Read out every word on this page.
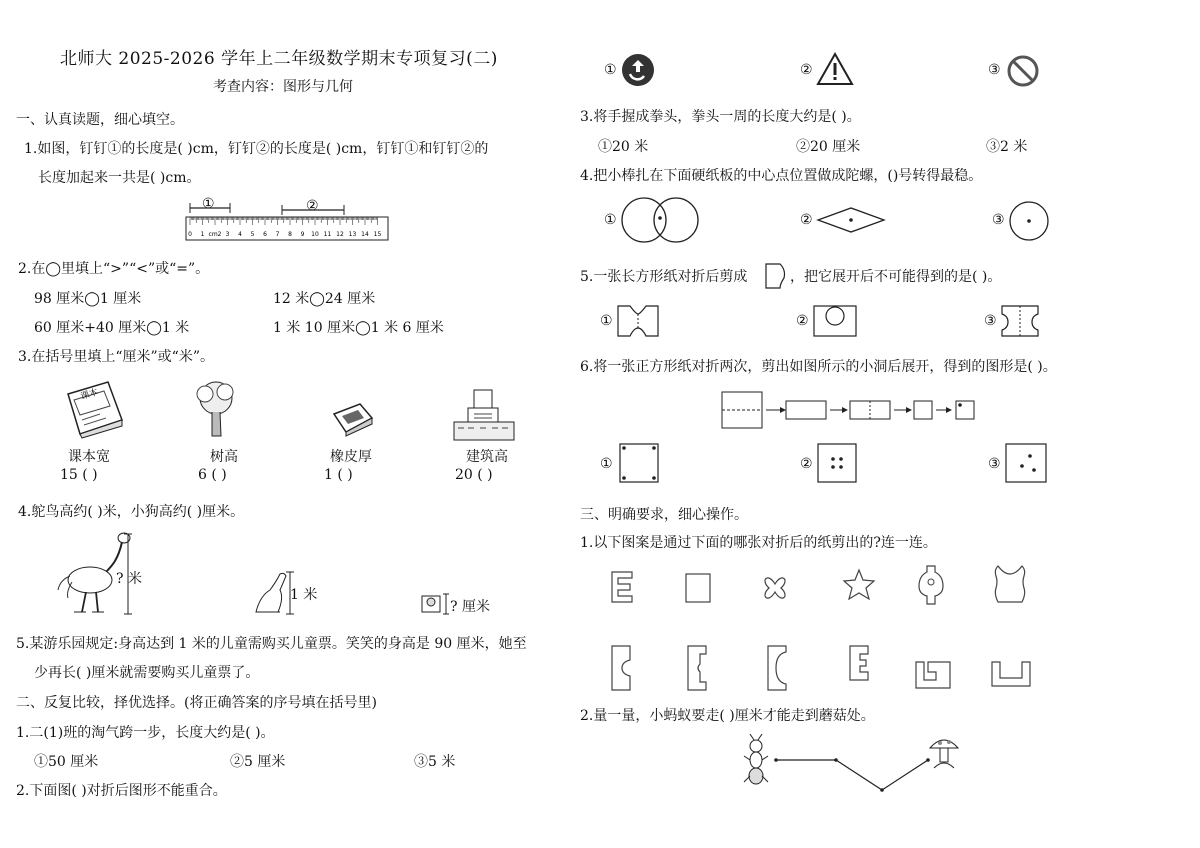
北师大 2025-2026 学年上二年级数学期末专项复习(二)
考查内容：图形与几何
一、认真读题，细心填空。
1.如图，钉钉①的长度是( )cm，钉钉②的长度是( )cm，钉钉①和钉钉②的
长度加起来一共是( )cm。
0 1 cm2 3 4 5 6 7 8 9 10 11 12 13 14 15
①	②
2.在◯里填上“>”“<”或“=”。
98 厘米◯1 厘米	12 米◯24 厘米
60 厘米+40 厘米◯1 米	1 米 10 厘米◯1 米 6 厘米
3.在括号里填上“厘米”或“米”。
课本
课本宽	树高	橡皮厚	建筑高
15 ( )	6 ( )	1 ( )	20 ( )
4.鸵鸟高约( )米，小狗高约( )厘米。
? 米
1 米
? 厘米
5.某游乐园规定:身高达到 1 米的儿童需购买儿童票。笑笑的身高是 90 厘米，她至
少再长( )厘米就需要购买儿童票了。
二、反复比较，择优选择。(将正确答案的序号填在括号里)
1.二(1)班的淘气跨一步，长度大约是( )。
①50 厘米	②5 厘米	③5 米
2.下面图( )对折后图形不能重合。
①	②	③
3.将手握成拳头，拳头一周的长度大约是( )。
①20 米	②20 厘米	③2 米
4.把小棒扎在下面硬纸板的中心点位置做成陀螺，()号转得最稳。
①	②	③
5.一张长方形纸对折后剪成	，把它展开后不可能得到的是( )。
①	②	③
6.将一张正方形纸对折两次，剪出如图所示的小洞后展开，得到的图形是( )。
①	②	③
三、明确要求，细心操作。
1.以下图案是通过下面的哪张对折后的纸剪出的?连一连。
2.量一量，小蚂蚁要走( )厘米才能走到蘑菇处。
